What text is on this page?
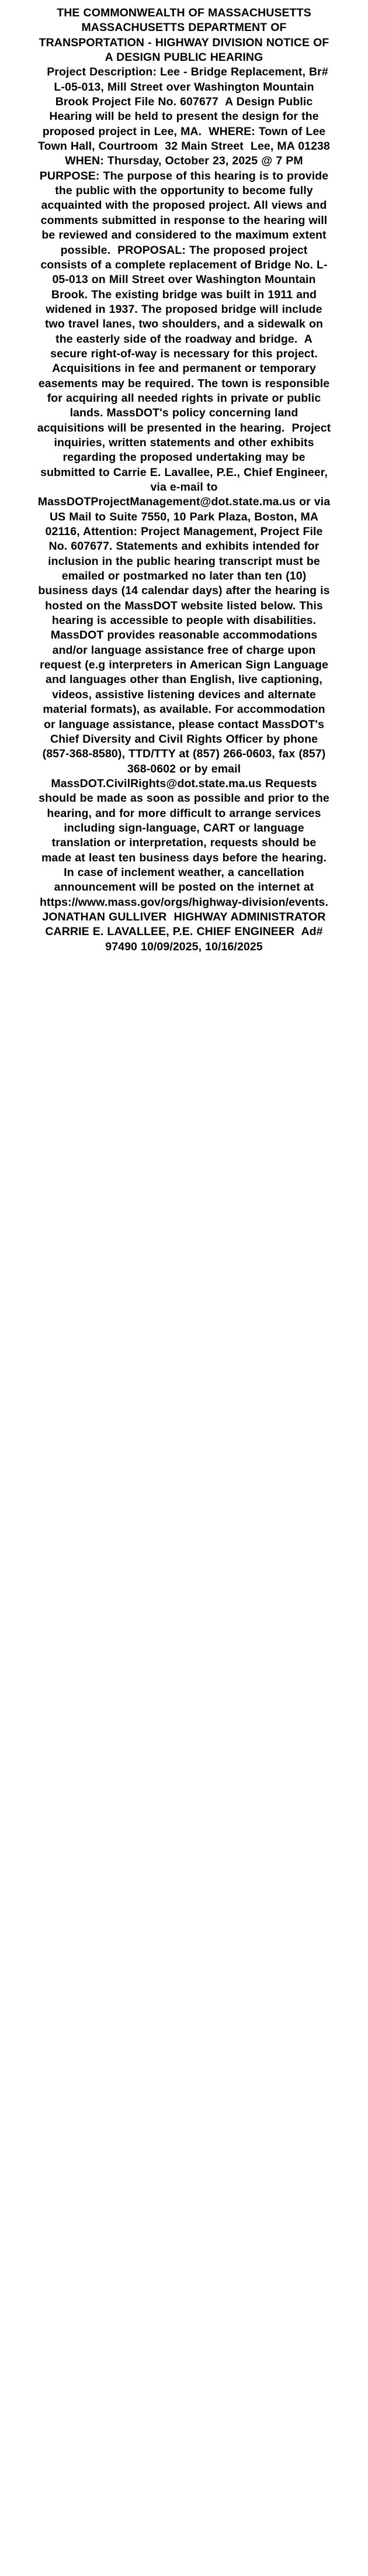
THE COMMONWEALTH OF MASSACHUSETTS MASSACHUSETTS DEPARTMENT OF TRANSPORTATION - HIGHWAY DIVISION NOTICE OF A DESIGN PUBLIC HEARING

Project Description: Lee - Bridge Replacement, Br# L-05-013, Mill Street over Washington Mountain Brook Project File No. 607677  A Design Public Hearing will be held to present the design for the proposed project in Lee, MA.  WHERE: Town of Lee Town Hall, Courtroom  32 Main Street  Lee, MA 01238  WHEN: Thursday, October 23, 2025 @ 7 PM  PURPOSE: The purpose of this hearing is to provide the public with the opportunity to become fully acquainted with the proposed project. All views and comments submitted in response to the hearing will be reviewed and considered to the maximum extent possible.  PROPOSAL: The proposed project consists of a complete replacement of Bridge No. L-05-013 on Mill Street over Washington Mountain Brook. The existing bridge was built in 1911 and widened in 1937. The proposed bridge will include two travel lanes, two shoulders, and a sidewalk on the easterly side of the roadway and bridge.  A secure right-of-way is necessary for this project. Acquisitions in fee and permanent or temporary easements may be required. The town is responsible for acquiring all needed rights in private or public lands. MassDOT's policy concerning land acquisitions will be presented in the hearing.  Project inquiries, written statements and other exhibits regarding the proposed undertaking may be submitted to Carrie E. Lavallee, P.E., Chief Engineer, via e-mail to MassDOTProjectManagement@dot.state.ma.us or via US Mail to Suite 7550, 10 Park Plaza, Boston, MA 02116, Attention: Project Management, Project File No. 607677. Statements and exhibits intended for inclusion in the public hearing transcript must be emailed or postmarked no later than ten (10) business days (14 calendar days) after the hearing is hosted on the MassDOT website listed below. This hearing is accessible to people with disabilities. MassDOT provides reasonable accommodations and/or language assistance free of charge upon request (e.g interpreters in American Sign Language and languages other than English, live captioning, videos, assistive listening devices and alternate material formats), as available. For accommodation or language assistance, please contact MassDOT's Chief Diversity and Civil Rights Officer by phone (857-368-8580), TTD/TTY at (857) 266-0603, fax (857) 368-0602 or by email MassDOT.CivilRights@dot.state.ma.us Requests should be made as soon as possible and prior to the hearing, and for more difficult to arrange services including sign-language, CART or language translation or interpretation, requests should be made at least ten business days before the hearing.   In case of inclement weather, a cancellation announcement will be posted on the internet at https://www.mass.gov/orgs/highway-division/events.  JONATHAN GULLIVER  HIGHWAY ADMINISTRATOR   CARRIE E. LAVALLEE, P.E. CHIEF ENGINEER  Ad# 97490 10/09/2025, 10/16/2025
